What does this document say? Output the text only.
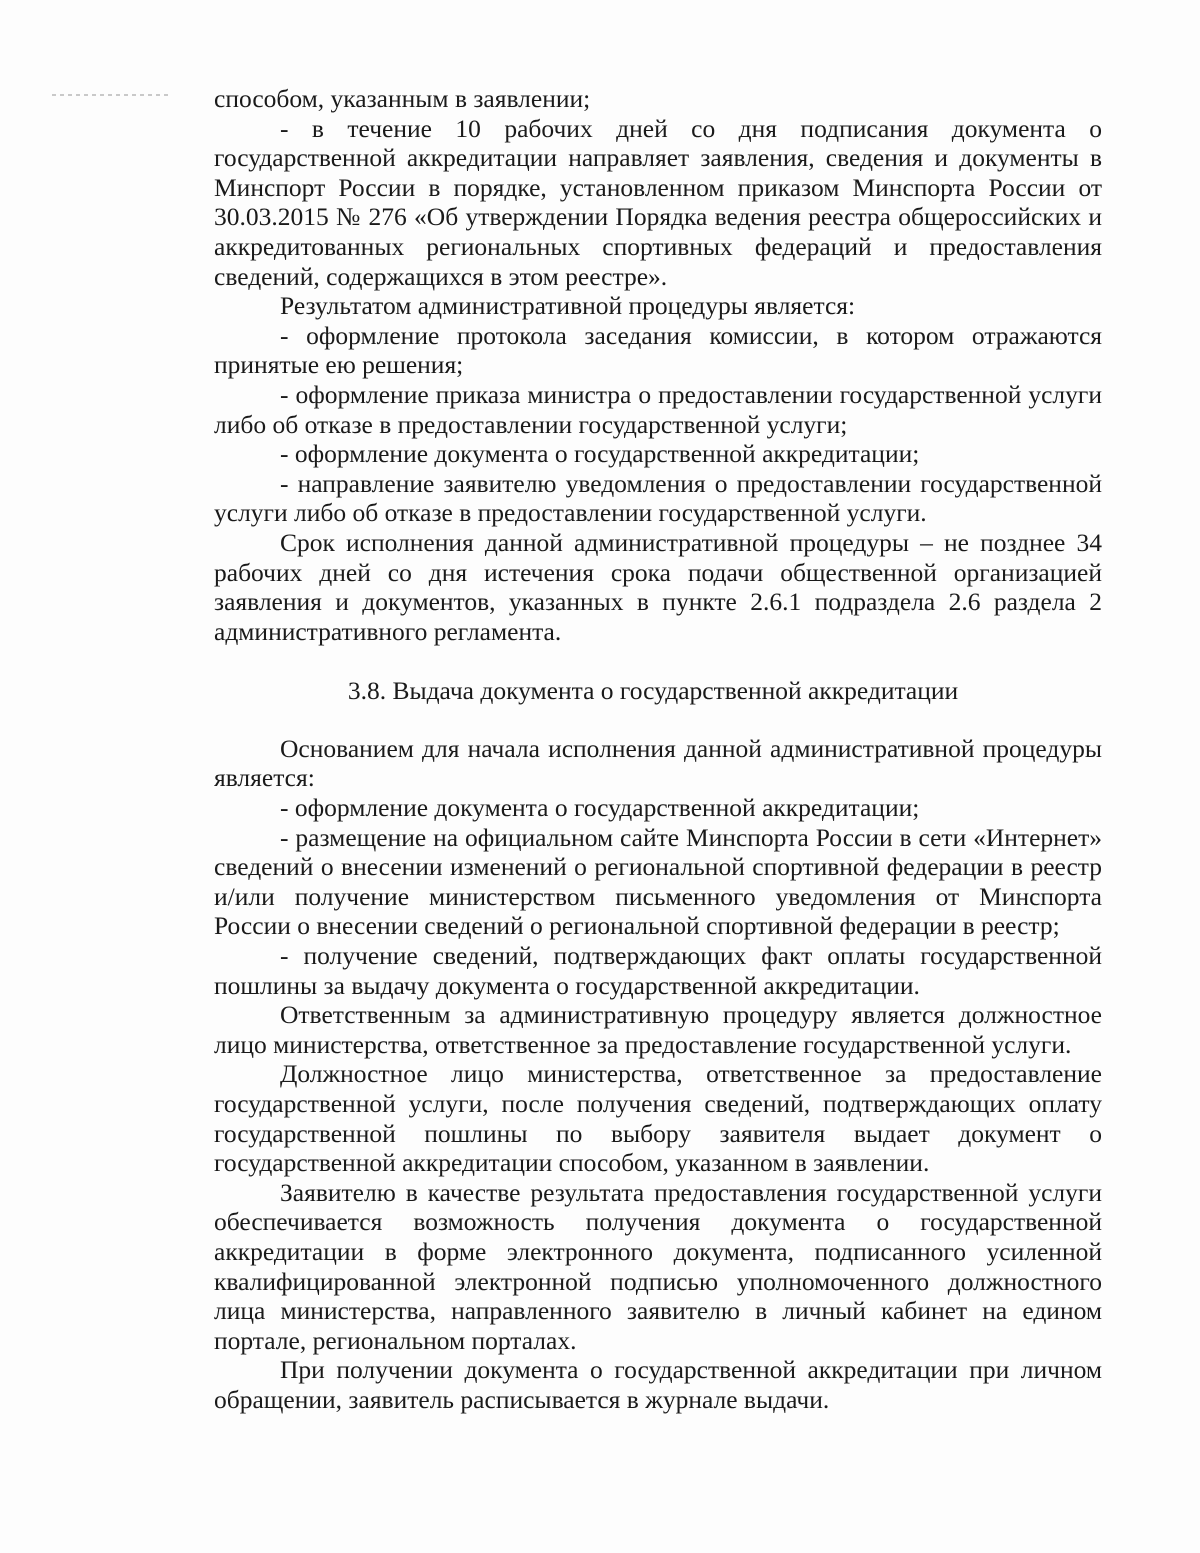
способом, указанным в заявлении;

- в течение 10 рабочих дней со дня подписания документа о государственной аккредитации направляет заявления, сведения и документы в Минспорт России в порядке, установленном приказом Минспорта России от 30.03.2015 № 276 «Об утверждении Порядка ведения реестра общероссийских и аккредитованных региональных спортивных федераций и предоставления сведений, содержащихся в этом реестре».

Результатом административной процедуры является:

- оформление протокола заседания комиссии, в котором отражаются принятые ею решения;

- оформление приказа министра о предоставлении государственной услуги либо об отказе в предоставлении государственной услуги;

- оформление документа о государственной аккредитации;

- направление заявителю уведомления о предоставлении государственной услуги либо об отказе в предоставлении государственной услуги.

Срок исполнения данной административной процедуры – не позднее 34 рабочих дней со дня истечения срока подачи общественной организацией заявления и документов, указанных в пункте 2.6.1 подраздела 2.6 раздела 2 административного регламента.

3.8. Выдача документа о государственной аккредитации

Основанием для начала исполнения данной административной процедуры является:

- оформление документа о государственной аккредитации;

- размещение на официальном сайте Минспорта России в сети «Интернет» сведений о внесении изменений о региональной спортивной федерации в реестр и/или получение министерством письменного уведомления от Минспорта России о внесении сведений о региональной спортивной федерации в реестр;

- получение сведений, подтверждающих факт оплаты государственной пошлины за выдачу документа о государственной аккредитации.

Ответственным за административную процедуру является должностное лицо министерства, ответственное за предоставление государственной услуги.

Должностное лицо министерства, ответственное за предоставление государственной услуги, после получения сведений, подтверждающих оплату государственной пошлины по выбору заявителя выдает документ о государственной аккредитации способом, указанном в заявлении.

Заявителю в качестве результата предоставления государственной услуги обеспечивается возможность получения документа о государственной аккредитации в форме электронного документа, подписанного усиленной квалифицированной электронной подписью уполномоченного должностного лица министерства, направленного заявителю в личный кабинет на едином портале, региональном порталах.

При получении документа о государственной аккредитации при личном обращении, заявитель расписывается в журнале выдачи.
